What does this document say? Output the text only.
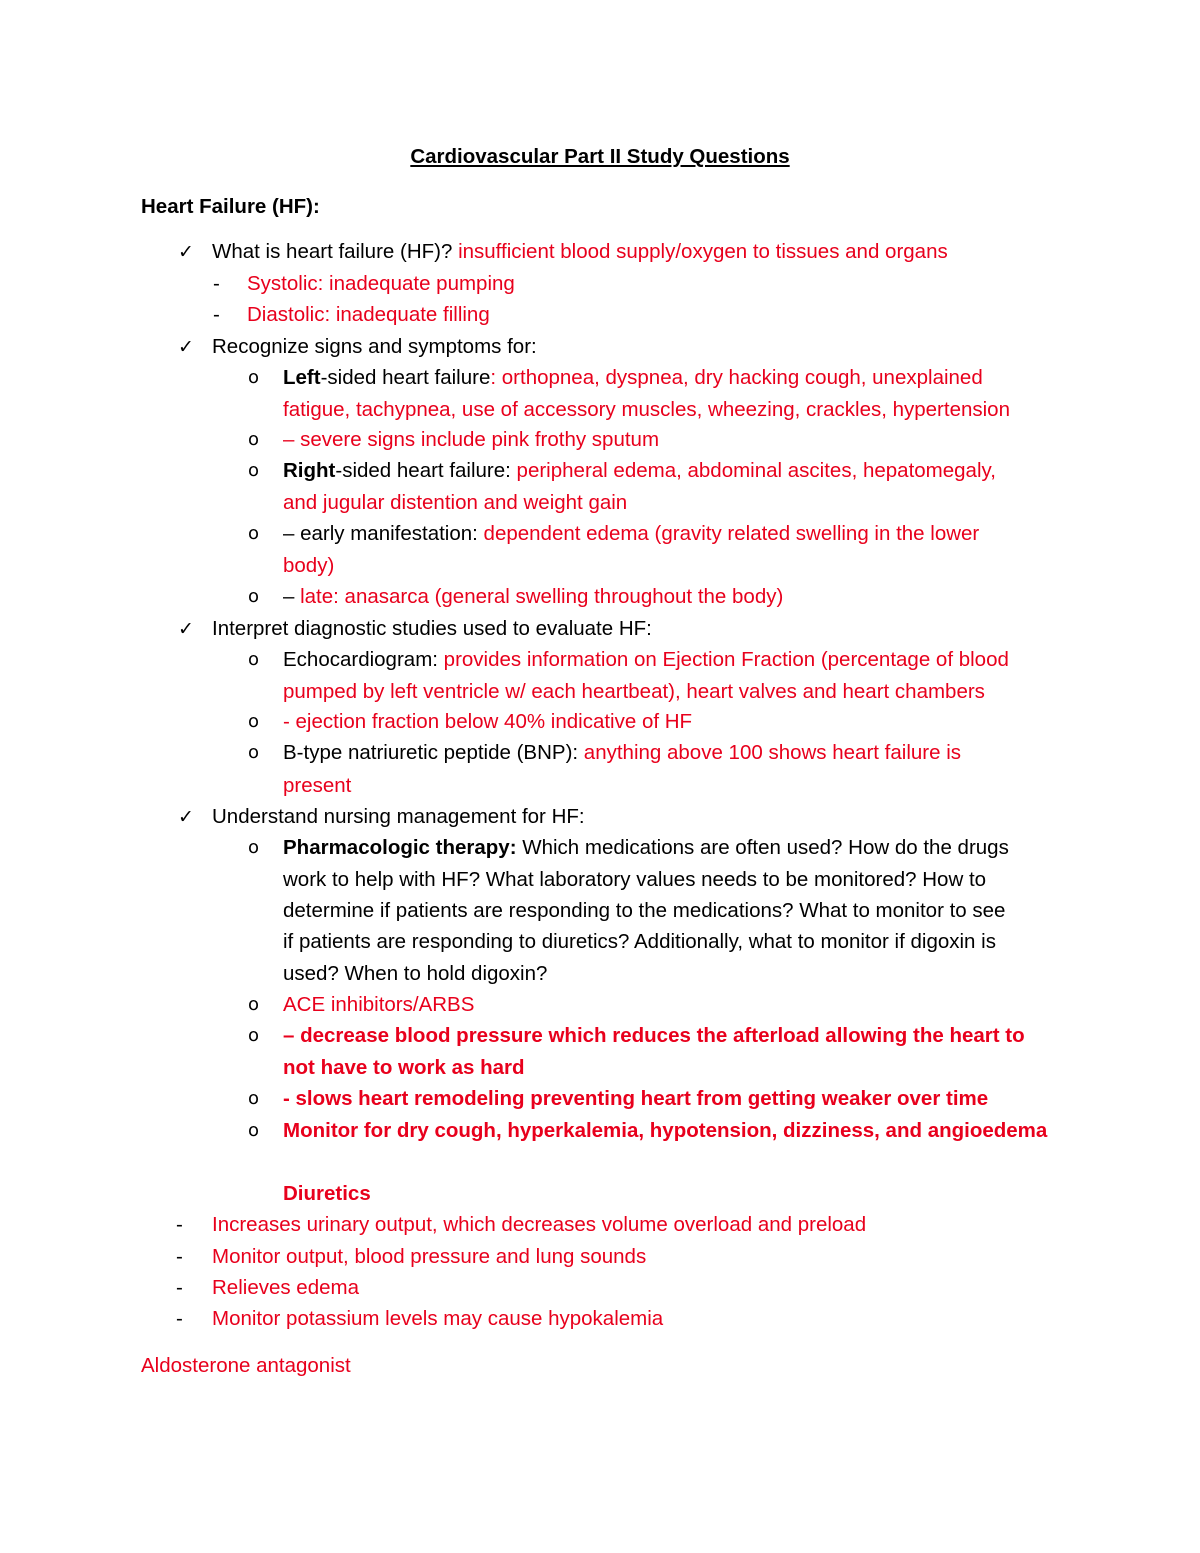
Cardiovascular Part II Study Questions
Heart Failure (HF):
✓ What is heart failure (HF)? insufficient blood supply/oxygen to tissues and organs
- Systolic: inadequate pumping
- Diastolic: inadequate filling
✓ Recognize signs and symptoms for:
o Left-sided heart failure: orthopnea, dyspnea, dry hacking cough, unexplained
fatigue, tachypnea, use of accessory muscles, wheezing, crackles, hypertension
o – severe signs include pink frothy sputum
o Right-sided heart failure: peripheral edema, abdominal ascites, hepatomegaly,
and jugular distention and weight gain
o – early manifestation: dependent edema (gravity related swelling in the lower
body)
o – late: anasarca (general swelling throughout the body)
✓ Interpret diagnostic studies used to evaluate HF:
o Echocardiogram: provides information on Ejection Fraction (percentage of blood
pumped by left ventricle w/ each heartbeat), heart valves and heart chambers
o - ejection fraction below 40% indicative of HF
o B-type natriuretic peptide (BNP): anything above 100 shows heart failure is
present
✓ Understand nursing management for HF:
o Pharmacologic therapy: Which medications are often used? How do the drugs
work to help with HF? What laboratory values needs to be monitored? How to
determine if patients are responding to the medications? What to monitor to see
if patients are responding to diuretics? Additionally, what to monitor if digoxin is
used? When to hold digoxin?
o ACE inhibitors/ARBS
o – decrease blood pressure which reduces the afterload allowing the heart to
not have to work as hard
o - slows heart remodeling preventing heart from getting weaker over time
o Monitor for dry cough, hyperkalemia, hypotension, dizziness, and angioedema
Diuretics
- Increases urinary output, which decreases volume overload and preload
- Monitor output, blood pressure and lung sounds
- Relieves edema
- Monitor potassium levels may cause hypokalemia
Aldosterone antagonist
